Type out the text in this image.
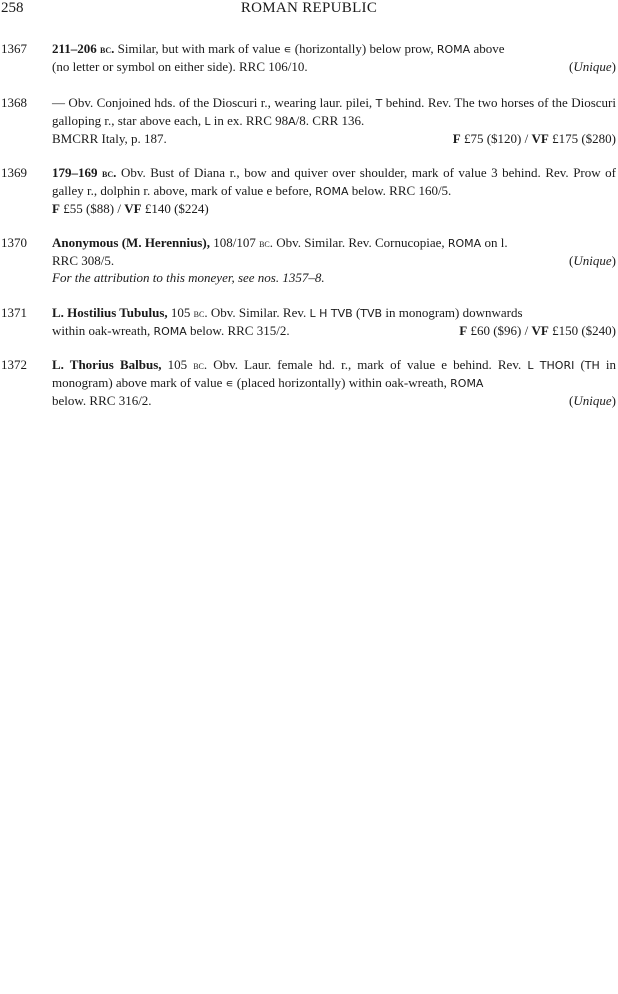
258	ROMAN REPUBLIC
1367 211–206 bc. Similar, but with mark of value ∊ (horizontally) below prow, ROMA above
(no letter or symbol on either side). RRC 106/10.	(Unique)
1368 — Obv. Conjoined hds. of the Dioscuri r., wearing laur. pilei, T behind. Rev. The two horses of the Dioscuri galloping r., star above each, L in ex. RRC 98A/8. CRR 136.
BMCRR Italy, p. 187.	F £75 ($120) / VF £175 ($280)
1369 179–169 bc. Obv. Bust of Diana r., bow and quiver over shoulder, mark of value 3 behind. Rev. Prow of galley r., dolphin r. above, mark of value e before, ROMA below. RRC 160/5.
F £55 ($88) / VF £140 ($224)
1370 Anonymous (M. Herennius), 108/107 bc. Obv. Similar. Rev. Cornucopiae, ROMA on l.
RRC 308/5.	(Unique)
For the attribution to this moneyer, see nos. 1357–8.
1371 L. Hostilius Tubulus, 105 bc. Obv. Similar. Rev. L H TVB (TVB in monogram) downwards
within oak-wreath, ROMA below. RRC 315/2.	F £60 ($96) / VF £150 ($240)
1372 L. Thorius Balbus, 105 bc. Obv. Laur. female hd. r., mark of value e behind. Rev. L THORI (TH in monogram) above mark of value ∊ (placed horizontally) within oak-wreath, ROMA
below. RRC 316/2.	(Unique)
